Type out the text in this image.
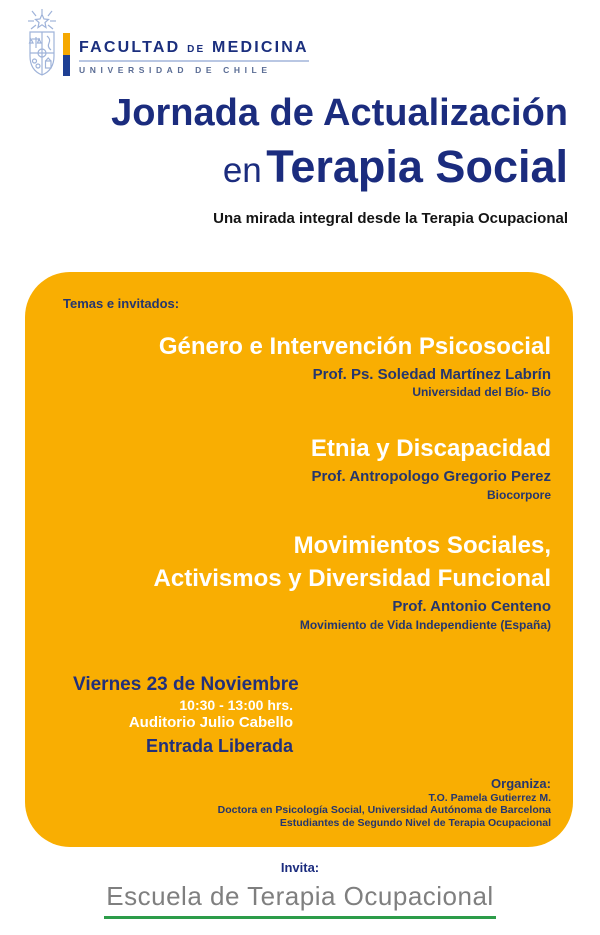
FACULTAD DE MEDICINA
UNIVERSIDAD DE CHILE
Jornada de Actualización
en Terapia Social
Una mirada integral desde la Terapia Ocupacional
Temas e invitados:
Género e Intervención Psicosocial
Prof. Ps. Soledad Martínez Labrín
Universidad del Bío- Bío
Etnia y Discapacidad
Prof. Antropologo Gregorio Perez
Biocorpore
Movimientos Sociales,
Activismos y Diversidad Funcional
Prof. Antonio Centeno
Movimiento de Vida Independiente (España)
Viernes 23 de Noviembre
10:30 - 13:00 hrs.
Auditorio Julio Cabello
Entrada Liberada
Organiza:
T.O. Pamela Gutierrez M.
Doctora en Psicología Social, Universidad Autónoma de Barcelona
Estudiantes de Segundo Nivel de Terapia Ocupacional
Invita:
Escuela de Terapia Ocupacional
